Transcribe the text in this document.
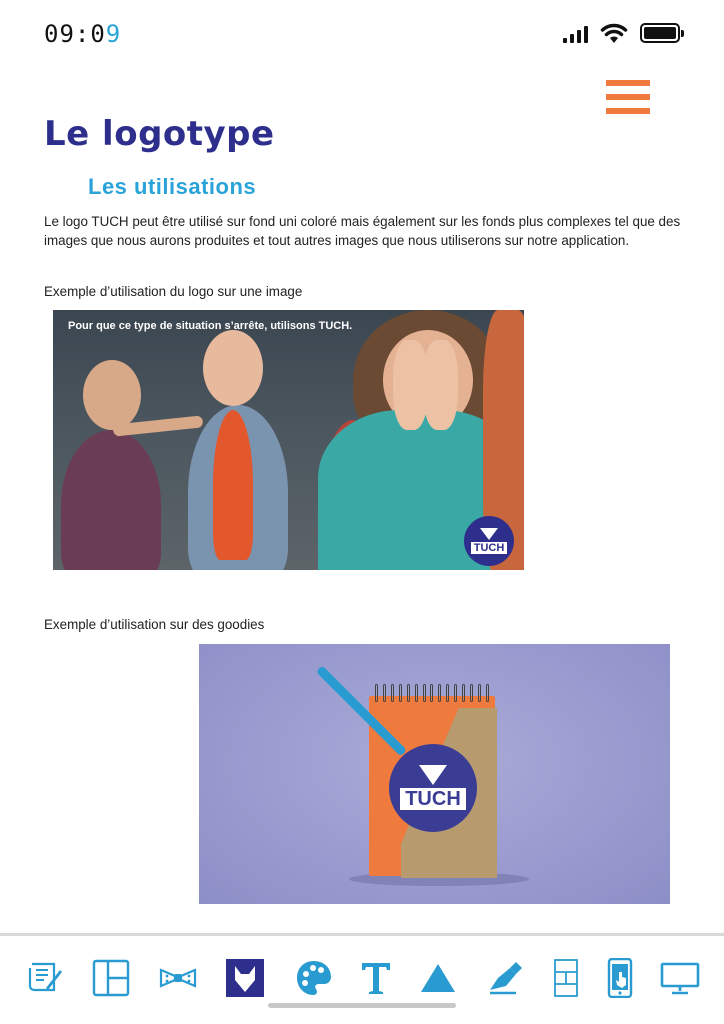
09:09
Le logotype
Les utilisations

Le logo TUCH peut être utilisé sur fond uni coloré mais également sur les fonds plus complexes tel que des images que nous aurons produites et tout autres images que nous utiliserons sur notre application.

Exemple d’utilisation du logo sur une image

Pour que ce type de situation s’arrête, utilisons TUCH.
TUCH

Exemple d’utilisation sur des goodies

TUCH
